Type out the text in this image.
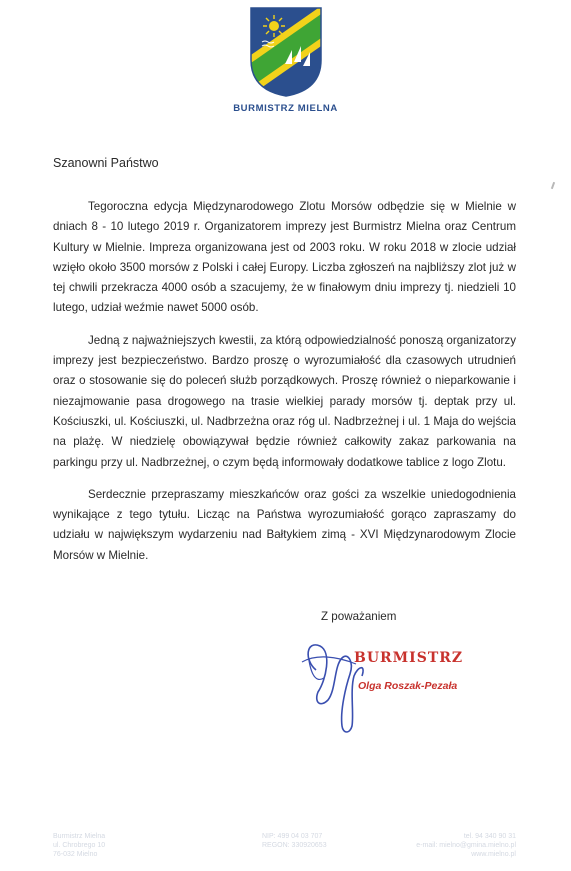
BURMISTRZ MIELNA
Szanowni Państwo

Tegoroczna edycja Międzynarodowego Zlotu Morsów odbędzie się w Mielnie w dniach 8 - 10 lutego 2019 r. Organizatorem imprezy jest Burmistrz Mielna oraz Centrum Kultury w Mielnie. Impreza organizowana jest od 2003 roku. W roku 2018 w zlocie udział wzięło około 3500 morsów z Polski i całej Europy. Liczba zgłoszeń na najbliższy zlot już w tej chwili przekracza 4000 osób a szacujemy, że w finałowym dniu imprezy tj. niedzieli 10 lutego, udział weźmie nawet 5000 osób.

Jedną z najważniejszych kwestii, za którą odpowiedzialność ponoszą organizatorzy imprezy jest bezpieczeństwo. Bardzo proszę o wyrozumiałość dla czasowych utrudnień oraz o stosowanie się do poleceń służb porządkowych. Proszę również o nieparkowanie i niezajmowanie pasa drogowego na trasie wielkiej parady morsów tj. deptak przy ul. Kościuszki, ul. Kościuszki, ul. Nadbrzeżna oraz róg ul. Nadbrzeżnej i ul. 1 Maja do wejścia na plażę. W niedzielę obowiązywał będzie również całkowity zakaz parkowania na parkingu przy ul. Nadbrzeżnej, o czym będą informowały dodatkowe tablice z logo Zlotu.

Serdecznie przepraszamy mieszkańców oraz gości za wszelkie uniedogodnienia wynikające z tego tytułu. Licząc na Państwa wyrozumiałość gorąco zapraszamy do udziału w największym wydarzeniu nad Bałtykiem zimą - XVI Międzynarodowym Zlocie Morsów w Mielnie.

Z poważaniem
BURMISTRZ
Olga Roszak-Pezała
Burmistrz Mielna
ul. Chrobrego 10
76-032 Mielno
NIP: 499 04 03 707
REGON: 330920653
tel. 94 340 90 31
e-mail: mielno@gmina.mielno.pl
www.mielno.pl
